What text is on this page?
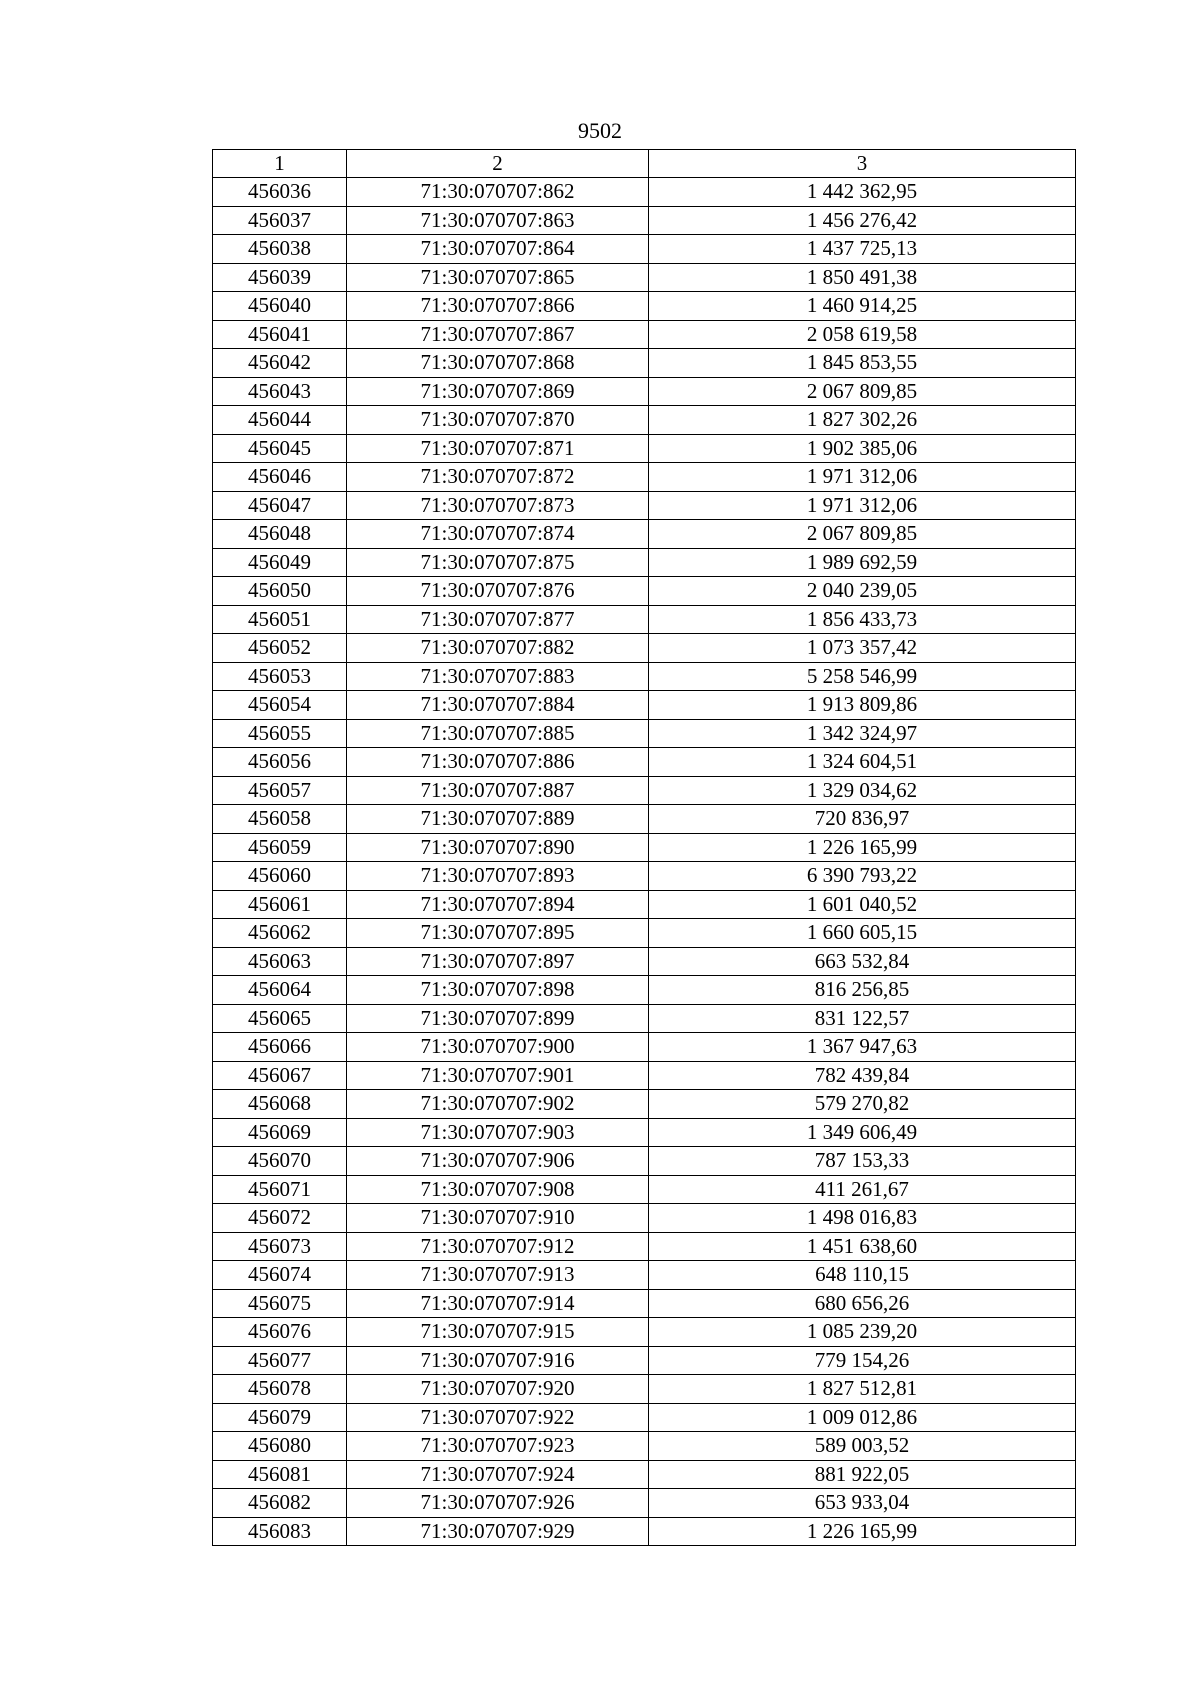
9502
1	2	3
456036	71:30:070707:862	1 442 362,95
456037	71:30:070707:863	1 456 276,42
456038	71:30:070707:864	1 437 725,13
456039	71:30:070707:865	1 850 491,38
456040	71:30:070707:866	1 460 914,25
456041	71:30:070707:867	2 058 619,58
456042	71:30:070707:868	1 845 853,55
456043	71:30:070707:869	2 067 809,85
456044	71:30:070707:870	1 827 302,26
456045	71:30:070707:871	1 902 385,06
456046	71:30:070707:872	1 971 312,06
456047	71:30:070707:873	1 971 312,06
456048	71:30:070707:874	2 067 809,85
456049	71:30:070707:875	1 989 692,59
456050	71:30:070707:876	2 040 239,05
456051	71:30:070707:877	1 856 433,73
456052	71:30:070707:882	1 073 357,42
456053	71:30:070707:883	5 258 546,99
456054	71:30:070707:884	1 913 809,86
456055	71:30:070707:885	1 342 324,97
456056	71:30:070707:886	1 324 604,51
456057	71:30:070707:887	1 329 034,62
456058	71:30:070707:889	720 836,97
456059	71:30:070707:890	1 226 165,99
456060	71:30:070707:893	6 390 793,22
456061	71:30:070707:894	1 601 040,52
456062	71:30:070707:895	1 660 605,15
456063	71:30:070707:897	663 532,84
456064	71:30:070707:898	816 256,85
456065	71:30:070707:899	831 122,57
456066	71:30:070707:900	1 367 947,63
456067	71:30:070707:901	782 439,84
456068	71:30:070707:902	579 270,82
456069	71:30:070707:903	1 349 606,49
456070	71:30:070707:906	787 153,33
456071	71:30:070707:908	411 261,67
456072	71:30:070707:910	1 498 016,83
456073	71:30:070707:912	1 451 638,60
456074	71:30:070707:913	648 110,15
456075	71:30:070707:914	680 656,26
456076	71:30:070707:915	1 085 239,20
456077	71:30:070707:916	779 154,26
456078	71:30:070707:920	1 827 512,81
456079	71:30:070707:922	1 009 012,86
456080	71:30:070707:923	589 003,52
456081	71:30:070707:924	881 922,05
456082	71:30:070707:926	653 933,04
456083	71:30:070707:929	1 226 165,99
